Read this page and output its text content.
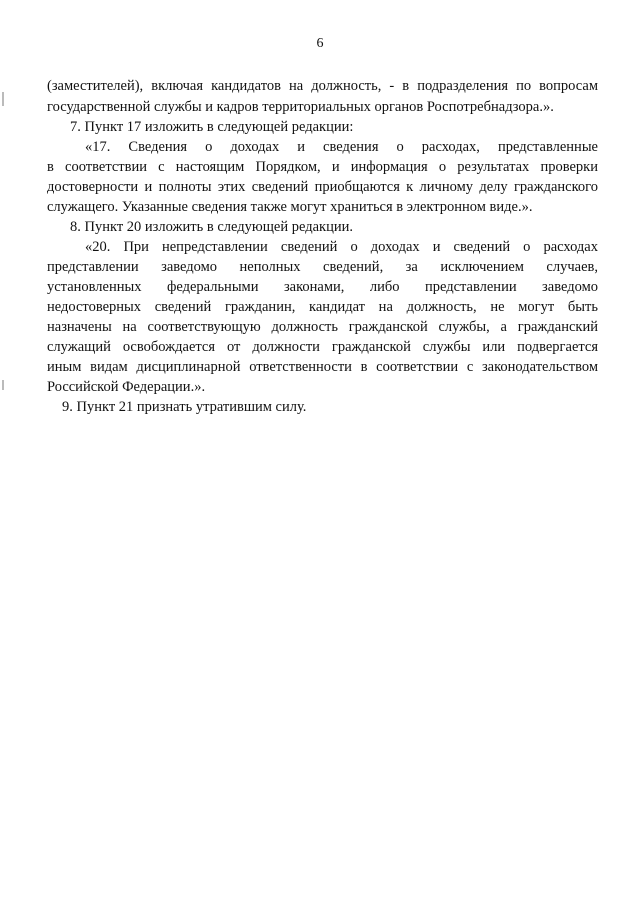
6
(заместителей), включая кандидатов на должность, - в подразделения по вопросам
государственной службы и кадров территориальных органов Роспотребнадзора.».
7. Пункт 17 изложить в следующей редакции:
«17. Сведения о доходах и сведения о расходах, представленные
в соответствии с настоящим Порядком, и информация о результатах проверки
достоверности и полноты этих сведений приобщаются к личному делу гражданского
служащего. Указанные сведения также могут храниться в электронном виде.».
8. Пункт 20 изложить в следующей редакции.
«20. При непредставлении сведений о доходах и сведений о расходах
представлении заведомо неполных сведений, за исключением случаев,
установленных федеральными законами, либо представлении заведомо
недостоверных сведений гражданин, кандидат на должность, не могут быть
назначены на соответствующую должность гражданской службы, а гражданский
служащий освобождается от должности гражданской службы или подвергается
иным видам дисциплинарной ответственности в соответствии с законодательством
Российской Федерации.».
9. Пункт 21 признать утратившим силу.
